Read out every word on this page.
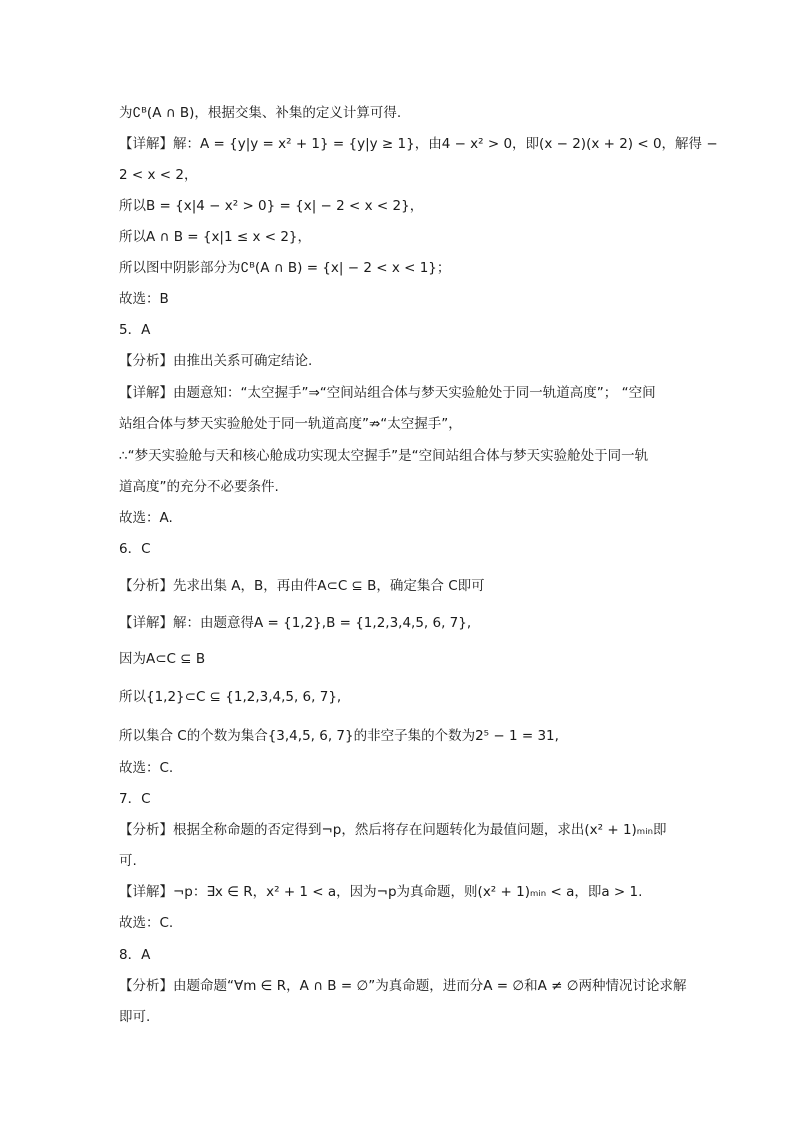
为∁ᴮ(A ∩ B)，根据交集、补集的定义计算可得.
【详解】解：A = {y|y = x² + 1} = {y|y ≥ 1}，由4 − x² > 0，即(x − 2)(x + 2) < 0，解得 −
2 < x < 2，
所以B = {x|4 − x² > 0} = {x| − 2 < x < 2}，
所以A ∩ B = {x|1 ≤ x < 2}，
所以图中阴影部分为∁ᴮ(A ∩ B) = {x| − 2 < x < 1}；
故选：B
5．A
【分析】由推出关系可确定结论.
【详解】由题意知：“太空握手”⇒“空间站组合体与梦天实验舱处于同一轨道高度”； “空间
站组合体与梦天实验舱处于同一轨道高度”⇏“太空握手”，
∴“梦天实验舱与天和核心舱成功实现太空握手”是“空间站组合体与梦天实验舱处于同一轨
道高度”的充分不必要条件.
故选：A.
6．C
【分析】先求出集 A，B，再由件A⊂C ⊆ B，确定集合 C即可
【详解】解：由题意得A = {1,2},B = {1,2,3,4,5, 6, 7},
因为A⊂C ⊆ B
所以{1,2}⊂C ⊆ {1,2,3,4,5, 6, 7},
所以集合 C的个数为集合{3,4,5, 6, 7}的非空子集的个数为2⁵ − 1 = 31,
故选：C.
7．C
【分析】根据全称命题的否定得到¬p，然后将存在问题转化为最值问题，求出(x² + 1)ₘᵢₙ即
可.
【详解】¬p：∃x ∈ R，x² + 1 < a，因为¬p为真命题，则(x² + 1)ₘᵢₙ < a，即a > 1.
故选：C.
8．A
【分析】由题命题“∀m ∈ R，A ∩ B = ∅”为真命题，进而分A = ∅和A ≠ ∅两种情况讨论求解
即可.
